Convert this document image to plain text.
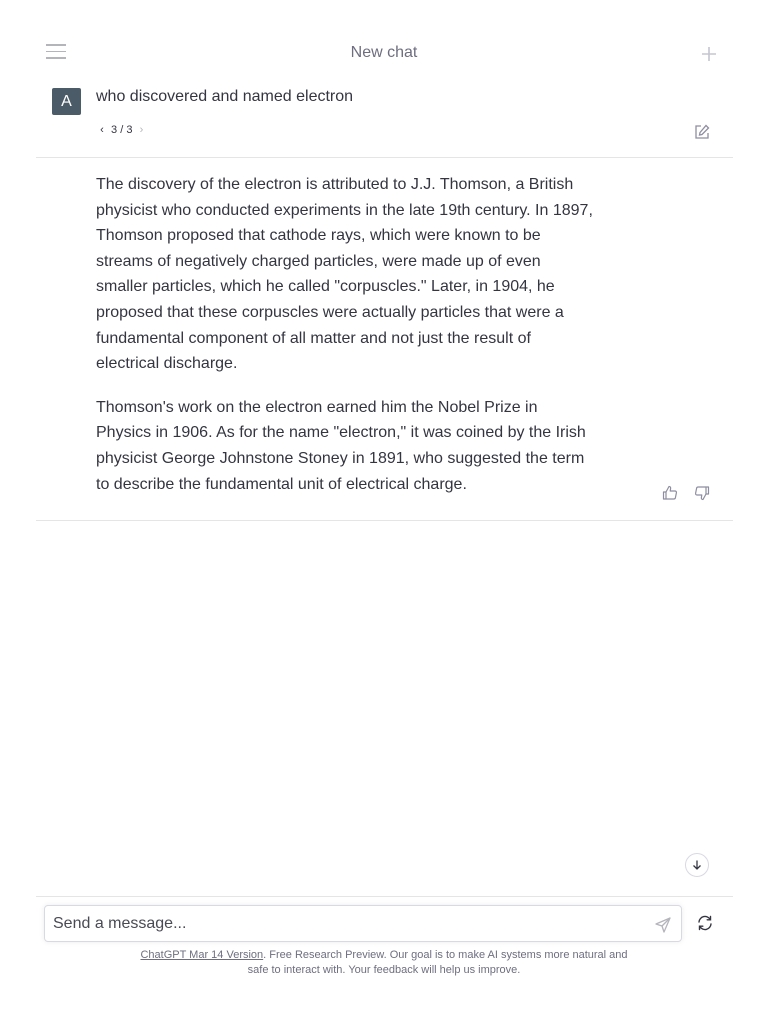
New chat
A	who discovered and named electron
‹ 3 / 3 ›

The discovery of the electron is attributed to J.J. Thomson, a British physicist who conducted experiments in the late 19th century. In 1897, Thomson proposed that cathode rays, which were known to be streams of negatively charged particles, were made up of even smaller particles, which he called "corpuscles." Later, in 1904, he proposed that these corpuscles were actually particles that were a fundamental component of all matter and not just the result of electrical discharge.

Thomson's work on the electron earned him the Nobel Prize in Physics in 1906. As for the name "electron," it was coined by the Irish physicist George Johnstone Stoney in 1891, who suggested the term to describe the fundamental unit of electrical charge.

Send a message...
ChatGPT Mar 14 Version. Free Research Preview. Our goal is to make AI systems more natural and safe to interact with. Your feedback will help us improve.
